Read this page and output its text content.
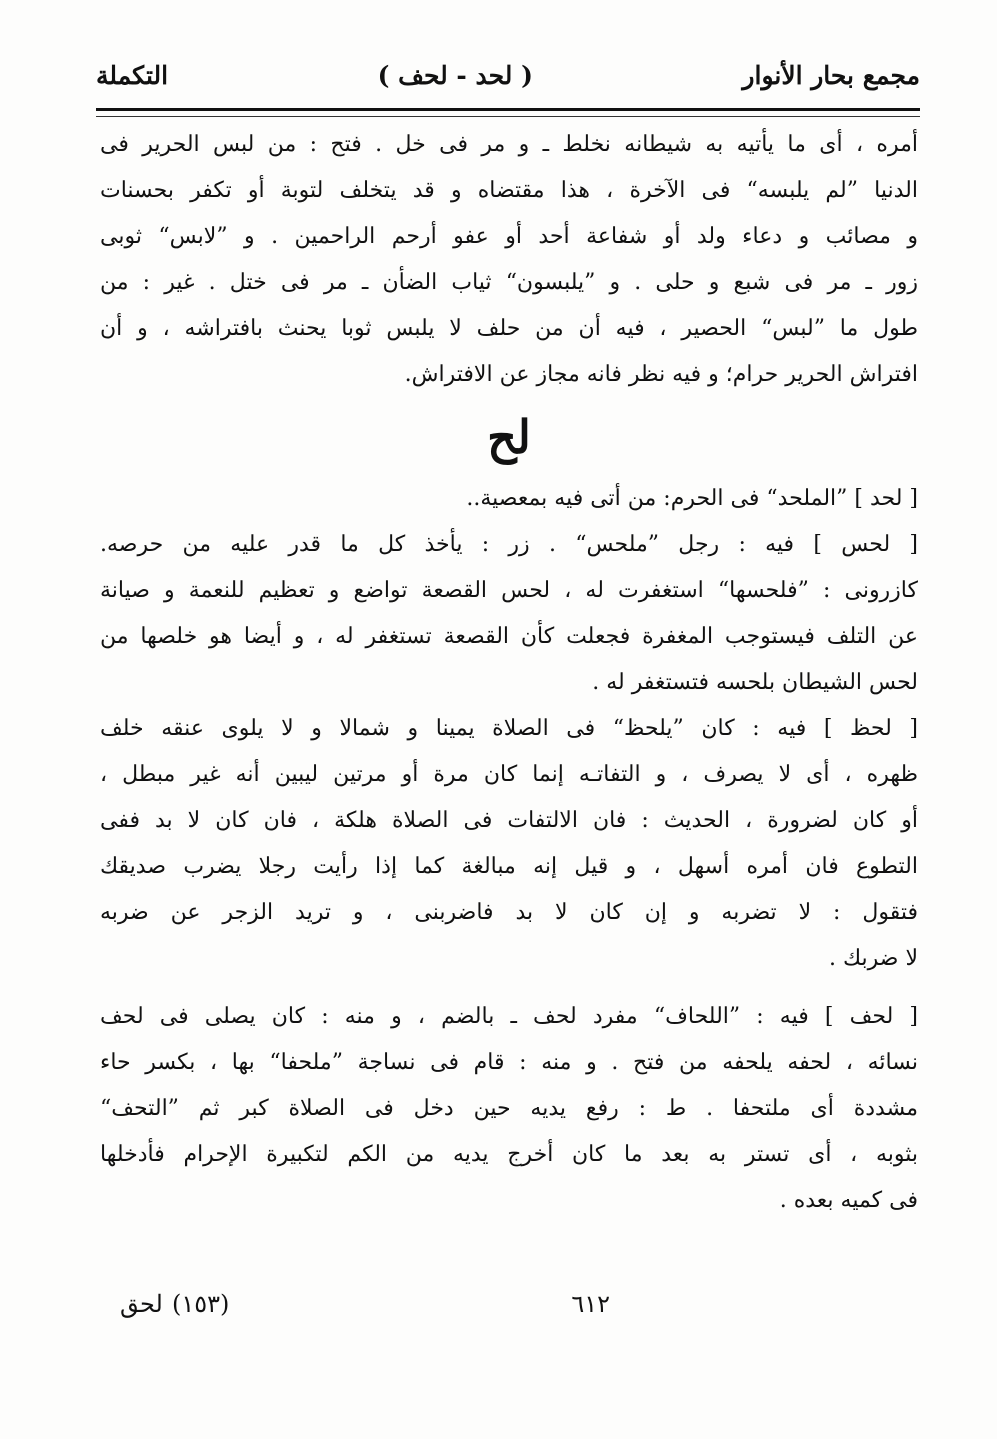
مجمع بحار الأنوار
( لحد - لحف )
التكملة
أمره ، أى ما يأتيه به شيطانه نخلط ـ و مر فى خل . فتح : من لبس الحرير فى
الدنيا ”لم يلبسه“ فى الآخرة ، هذا مقتضاه و قد يتخلف لتوبة أو تكفر بحسنات
و مصائب و دعاء ولد أو شفاعة أحد أو عفو أرحم الراحمين . و ”لابس“ ثوبى
زور ـ مر فى شبع و حلى . و ”يلبسون“ ثياب الضأن ـ مر فى ختل . غير : من
طول ما ”لبس“ الحصير ، فيه أن من حلف لا يلبس ثوبا يحنث بافتراشه ، و أن
افتراش الحرير حرام؛ و فيه نظر فانه مجاز عن الافتراش.
لح
[ لحد ] ”الملحد“ فى الحرم: من أتى فيه بمعصية..
[ لحس ] فيه : رجل ”ملحس“ . زر : يأخذ كل ما قدر عليه من حرصه.
كازرونى : ”فلحسها“ استغفرت له ، لحس القصعة تواضع و تعظيم للنعمة و صيانة
عن التلف فيستوجب المغفرة فجعلت كأن القصعة تستغفر له ، و أيضا هو خلصها من
لحس الشيطان بلحسه فتستغفر له .
[ لحظ ] فيه : كان ”يلحظ“ فى الصلاة يمينا و شمالا و لا يلوى عنقه خلف
ظهره ، أى لا يصرف ، و التفاتـه إنما كان مرة أو مرتين ليبين أنه غير مبطل ،
أو كان لضرورة ، الحديث : فان الالتفات فى الصلاة هلكة ، فان كان لا بد ففى
التطوع فان أمره أسهل ، و قيل إنه مبالغة كما إذا رأيت رجلا يضرب صديقك
فتقول : لا تضربه و إن كان لا بد فاضربنى ، و تريد الزجر عن ضربه
لا ضربك .
[ لحف ] فيه : ”اللحاف“ مفرد لحف ـ بالضم ، و منه : كان يصلى فى لحف
نسائه ، لحفه يلحفه من فتح . و منه : قام فى نساجة ”ملحفا“ بها ، بكسر حاء
مشددة أى ملتحفا . ط : رفع يديه حين دخل فى الصلاة كبر ثم ”التحف“
بثوبه ، أى تستر به بعد ما كان أخرج يديه من الكم لتكبيرة الإحرام فأدخلها
فى كميه بعده .
٦١٢
(١٥٣)
لحق
